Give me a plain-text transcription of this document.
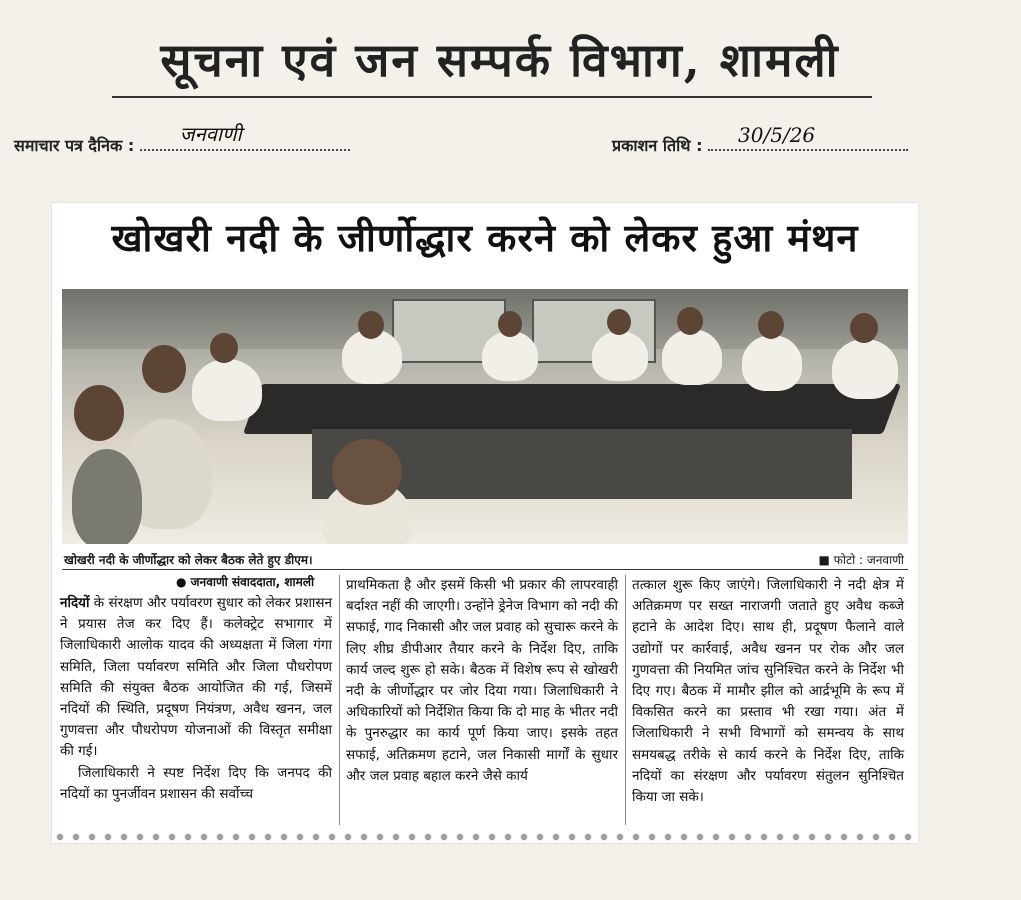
सूचना एवं जन सम्पर्क विभाग, शामली
समाचार पत्र दैनिक : जनवाणी	प्रकाशन तिथि : 30/5/26
खोखरी नदी के जीर्णोद्धार करने को लेकर हुआ मंथन
खोखरी नदी के जीर्णोद्धार को लेकर बैठक लेते हुए डीएम।	■ फोटो : जनवाणी
● जनवाणी संवाददाता, शामली

नदियों के संरक्षण और पर्यावरण सुधार को लेकर प्रशासन ने प्रयास तेज कर दिए हैं। कलेक्ट्रेट सभागार में जिलाधिकारी आलोक यादव की अध्यक्षता में जिला गंगा समिति, जिला पर्यावरण समिति और जिला पौधरोपण समिति की संयुक्त बैठक आयोजित की गई, जिसमें नदियों की स्थिति, प्रदूषण नियंत्रण, अवैध खनन, जल गुणवत्ता और पौधरोपण योजनाओं की विस्तृत समीक्षा की गई।

जिलाधिकारी ने स्पष्ट निर्देश दिए कि जनपद की नदियों का पुनर्जीवन प्रशासन की सर्वोच्च

प्राथमिकता है और इसमें किसी भी प्रकार की लापरवाही बर्दाश्त नहीं की जाएगी। उन्होंने ड्रेनेज विभाग को नदी की सफाई, गाद निकासी और जल प्रवाह को सुचारू करने के लिए शीघ्र डीपीआर तैयार करने के निर्देश दिए, ताकि कार्य जल्द शुरू हो सके। बैठक में विशेष रूप से खोखरी नदी के जीर्णोद्धार पर जोर दिया गया। जिलाधिकारी ने अधिकारियों को निर्देशित किया कि दो माह के भीतर नदी के पुनरुद्धार का कार्य पूर्ण किया जाए। इसके तहत सफाई, अतिक्रमण हटाने, जल निकासी मार्गों के सुधार और जल प्रवाह बहाल करने जैसे कार्य

तत्काल शुरू किए जाएंगे। जिलाधिकारी ने नदी क्षेत्र में अतिक्रमण पर सख्त नाराजगी जताते हुए अवैध कब्जे हटाने के आदेश दिए। साथ ही, प्रदूषण फैलाने वाले उद्योगों पर कार्रवाई, अवैध खनन पर रोक और जल गुणवत्ता की नियमित जांच सुनिश्चित करने के निर्देश भी दिए गए। बैठक में मामौर झील को आर्द्रभूमि के रूप में विकसित करने का प्रस्ताव भी रखा गया। अंत में जिलाधिकारी ने सभी विभागों को समन्वय के साथ समयबद्ध तरीके से कार्य करने के निर्देश दिए, ताकि नदियों का संरक्षण और पर्यावरण संतुलन सुनिश्चित किया जा सके।
